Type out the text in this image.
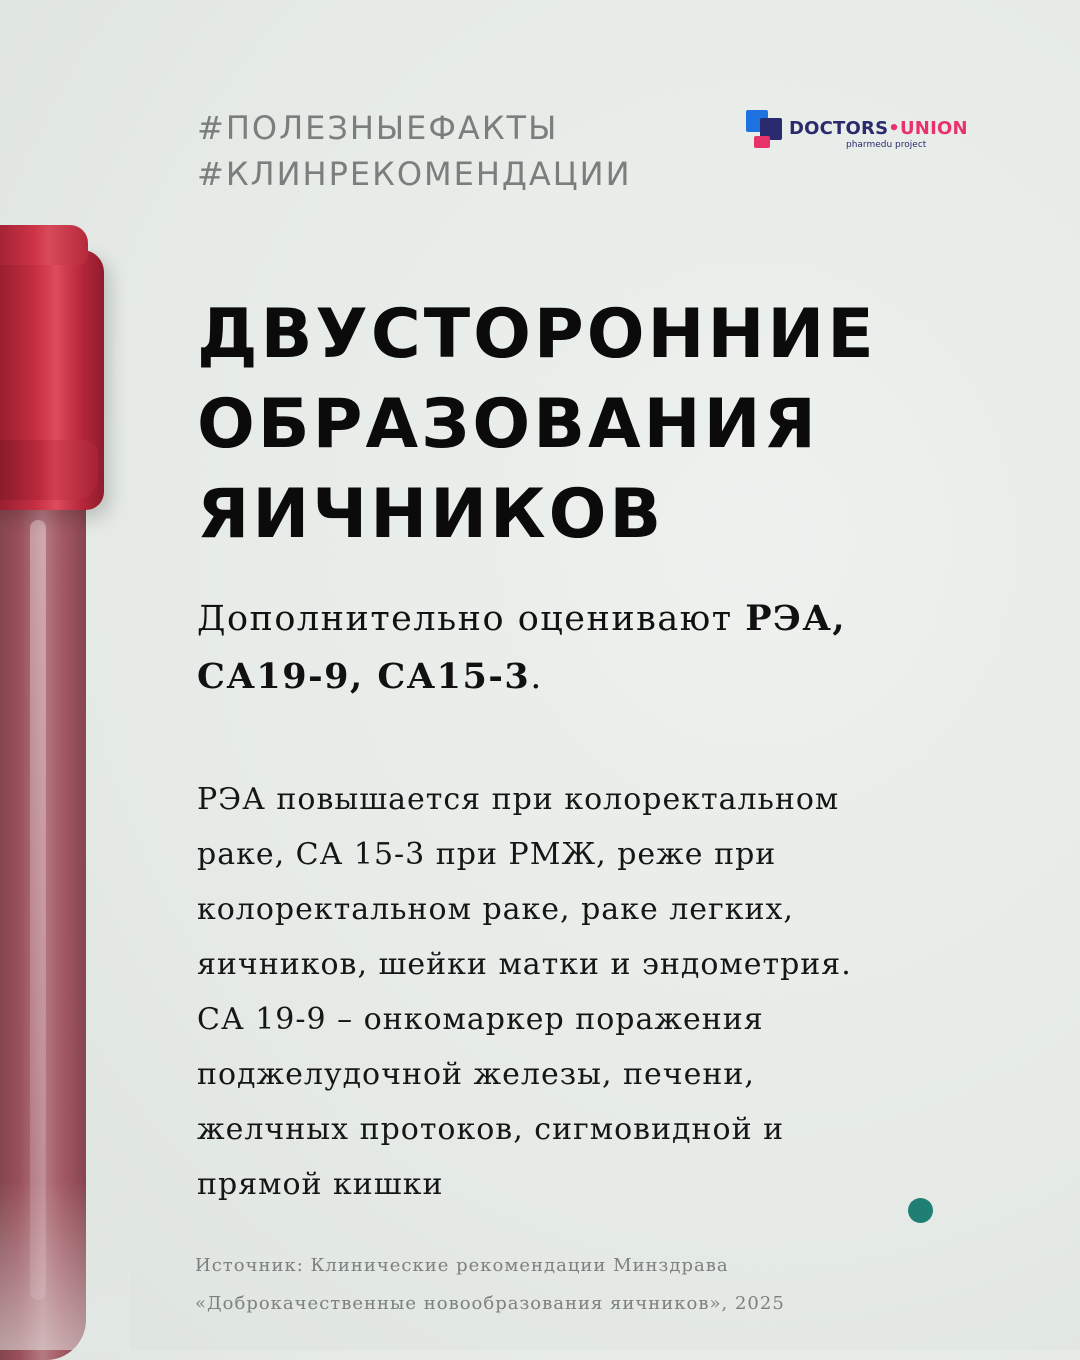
#ПОЛЕЗНЫЕФАКТЫ
#КЛИНРЕКОМЕНДАЦИИ
DOCTORS•UNION
pharmedu project
ДВУСТОРОННИЕ
ОБРАЗОВАНИЯ
ЯИЧНИКОВ
Дополнительно оценивают РЭА,
СА19-9, СА15-3.
РЭА повышается при колоректальном
раке, СА 15-3 при РМЖ, реже при
колоректальном раке, раке легких,
яичников, шейки матки и эндометрия.
СА 19-9 – онкомаркер поражения
поджелудочной железы, печени,
желчных протоков, сигмовидной и
прямой кишки
Источник: Клинические рекомендации Минздрава
«Доброкачественные новообразования яичников», 2025
